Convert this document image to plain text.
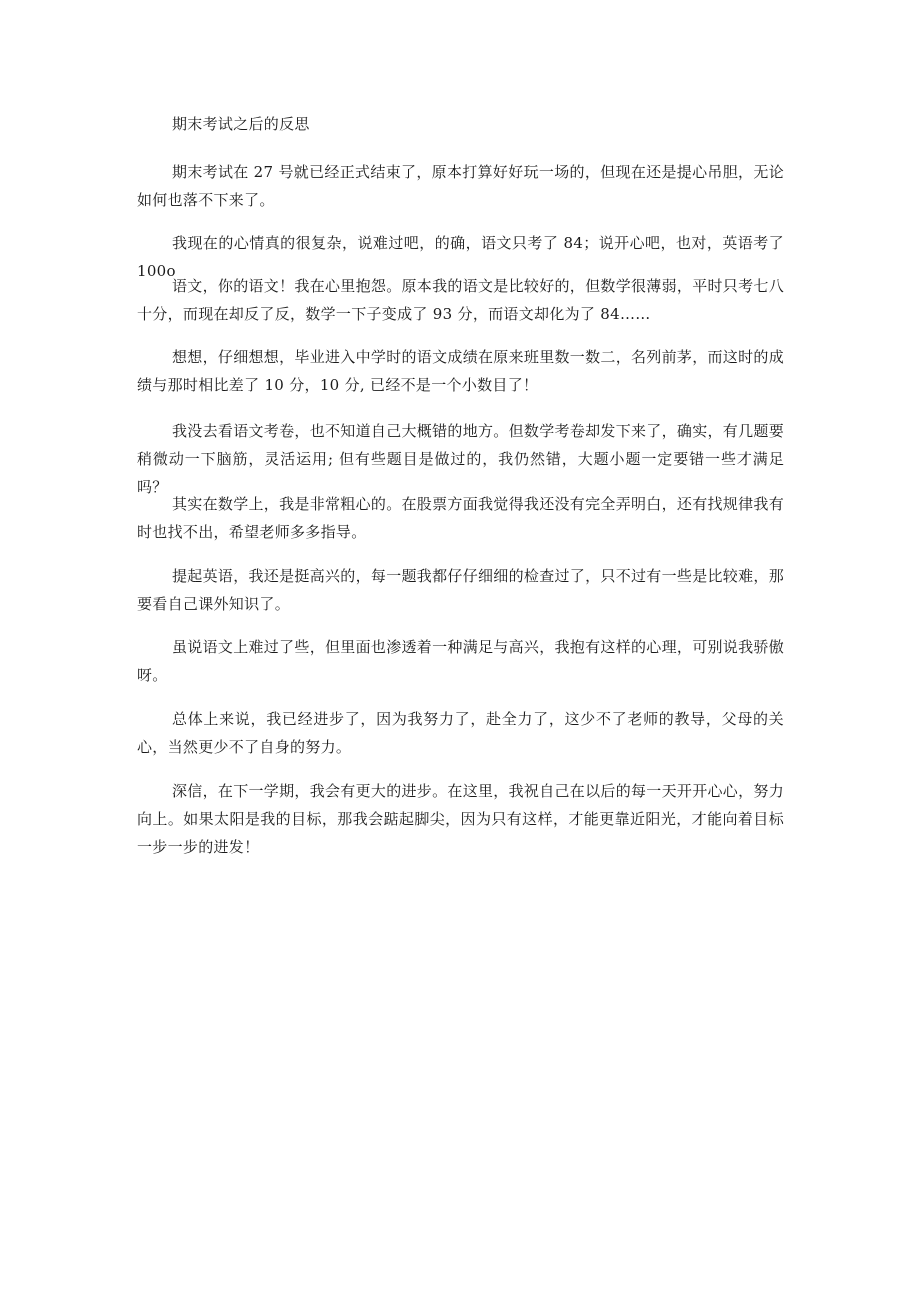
期末考试之后的反思

期末考试在 27 号就已经正式结束了，原本打算好好玩一场的，但现在还是提心吊胆，无论如何也落不下来了。

我现在的心情真的很复杂，说难过吧，的确，语文只考了 84；说开心吧，也对，英语考了 100o

语文，你的语文！我在心里抱怨。原本我的语文是比较好的，但数学很薄弱，平时只考七八十分，而现在却反了反，数学一下子变成了 93 分，而语文却化为了 84……

想想，仔细想想，毕业进入中学时的语文成绩在原来班里数一数二，名列前茅，而这时的成绩与那时相比差了 10 分，10 分, 已经不是一个小数目了！

我没去看语文考卷，也不知道自己大概错的地方。但数学考卷却发下来了，确实，有几题要稍微动一下脑筋，灵活运用; 但有些题目是做过的，我仍然错，大题小题一定要错一些才满足吗？

其实在数学上，我是非常粗心的。在股票方面我觉得我还没有完全弄明白，还有找规律我有时也找不出，希望老师多多指导。

提起英语，我还是挺高兴的，每一题我都仔仔细细的检查过了，只不过有一些是比较难，那要看自己课外知识了。

虽说语文上难过了些，但里面也渗透着一种满足与高兴，我抱有这样的心理，可别说我骄傲呀。

总体上来说，我已经进步了，因为我努力了，赴全力了，这少不了老师的教导，父母的关心，当然更少不了自身的努力。

深信，在下一学期，我会有更大的进步。在这里，我祝自己在以后的每一天开开心心，努力向上。如果太阳是我的目标，那我会踮起脚尖，因为只有这样，才能更靠近阳光，才能向着目标一步一步的进发！
